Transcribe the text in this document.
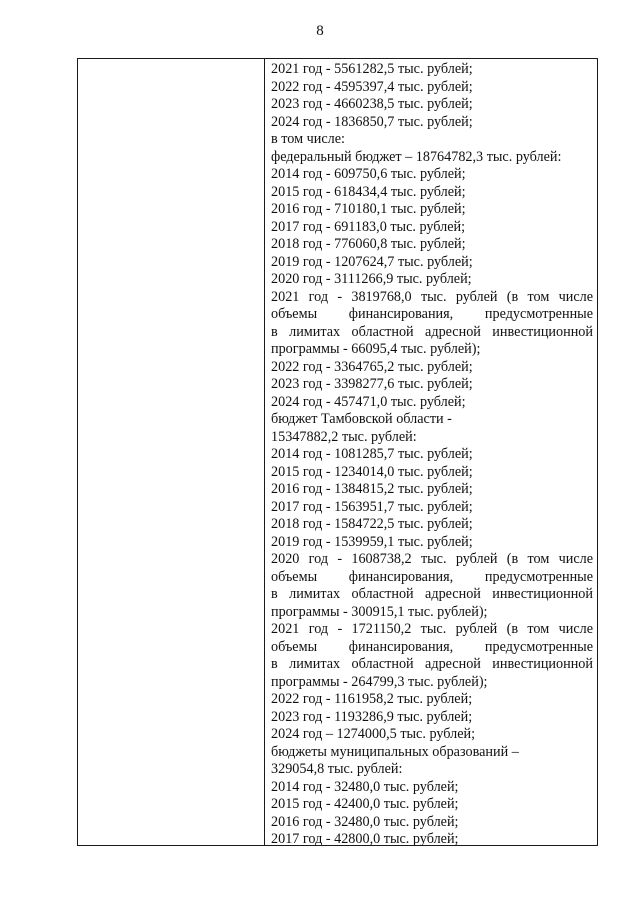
8
2021 год - 5561282,5 тыс. рублей;
2022 год - 4595397,4 тыс. рублей;
2023 год - 4660238,5 тыс. рублей;
2024 год - 1836850,7 тыс. рублей;
в том числе:
федеральный бюджет – 18764782,3 тыс. рублей:
2014 год - 609750,6 тыс. рублей;
2015 год - 618434,4 тыс. рублей;
2016 год - 710180,1 тыс. рублей;
2017 год - 691183,0 тыс. рублей;
2018 год - 776060,8 тыс. рублей;
2019 год - 1207624,7 тыс. рублей;
2020 год - 3111266,9 тыс. рублей;
2021 год - 3819768,0 тыс. рублей (в том числе
объемы финансирования, предусмотренные
в лимитах областной адресной инвестиционной
программы - 66095,4 тыс. рублей);
2022 год - 3364765,2 тыс. рублей;
2023 год - 3398277,6 тыс. рублей;
2024 год - 457471,0 тыс. рублей;
бюджет Тамбовской области -
15347882,2 тыс. рублей:
2014 год - 1081285,7 тыс. рублей;
2015 год - 1234014,0 тыс. рублей;
2016 год - 1384815,2 тыс. рублей;
2017 год - 1563951,7 тыс. рублей;
2018 год - 1584722,5 тыс. рублей;
2019 год - 1539959,1 тыс. рублей;
2020 год - 1608738,2 тыс. рублей (в том числе
объемы финансирования, предусмотренные
в лимитах областной адресной инвестиционной
программы - 300915,1 тыс. рублей);
2021 год - 1721150,2 тыс. рублей (в том числе
объемы финансирования, предусмотренные
в лимитах областной адресной инвестиционной
программы - 264799,3 тыс. рублей);
2022 год - 1161958,2 тыс. рублей;
2023 год - 1193286,9 тыс. рублей;
2024 год – 1274000,5 тыс. рублей;
бюджеты муниципальных образований –
329054,8 тыс. рублей:
2014 год - 32480,0 тыс. рублей;
2015 год - 42400,0 тыс. рублей;
2016 год - 32480,0 тыс. рублей;
2017 год - 42800,0 тыс. рублей;
